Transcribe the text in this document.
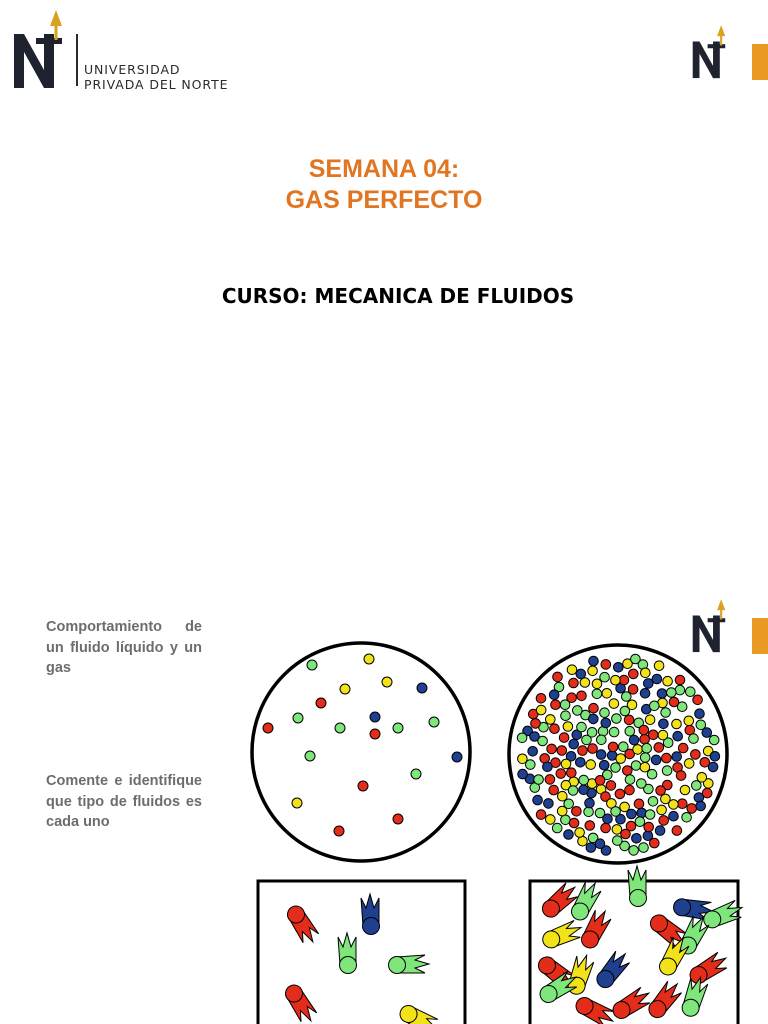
UNIVERSIDAD
PRIVADA DEL NORTE
SEMANA 04:
GAS PERFECTO
CURSO: MECANICA DE FLUIDOS
Comportamiento de un fluido líquido y un gas
Comente e identifique que tipo de fluidos es cada uno
